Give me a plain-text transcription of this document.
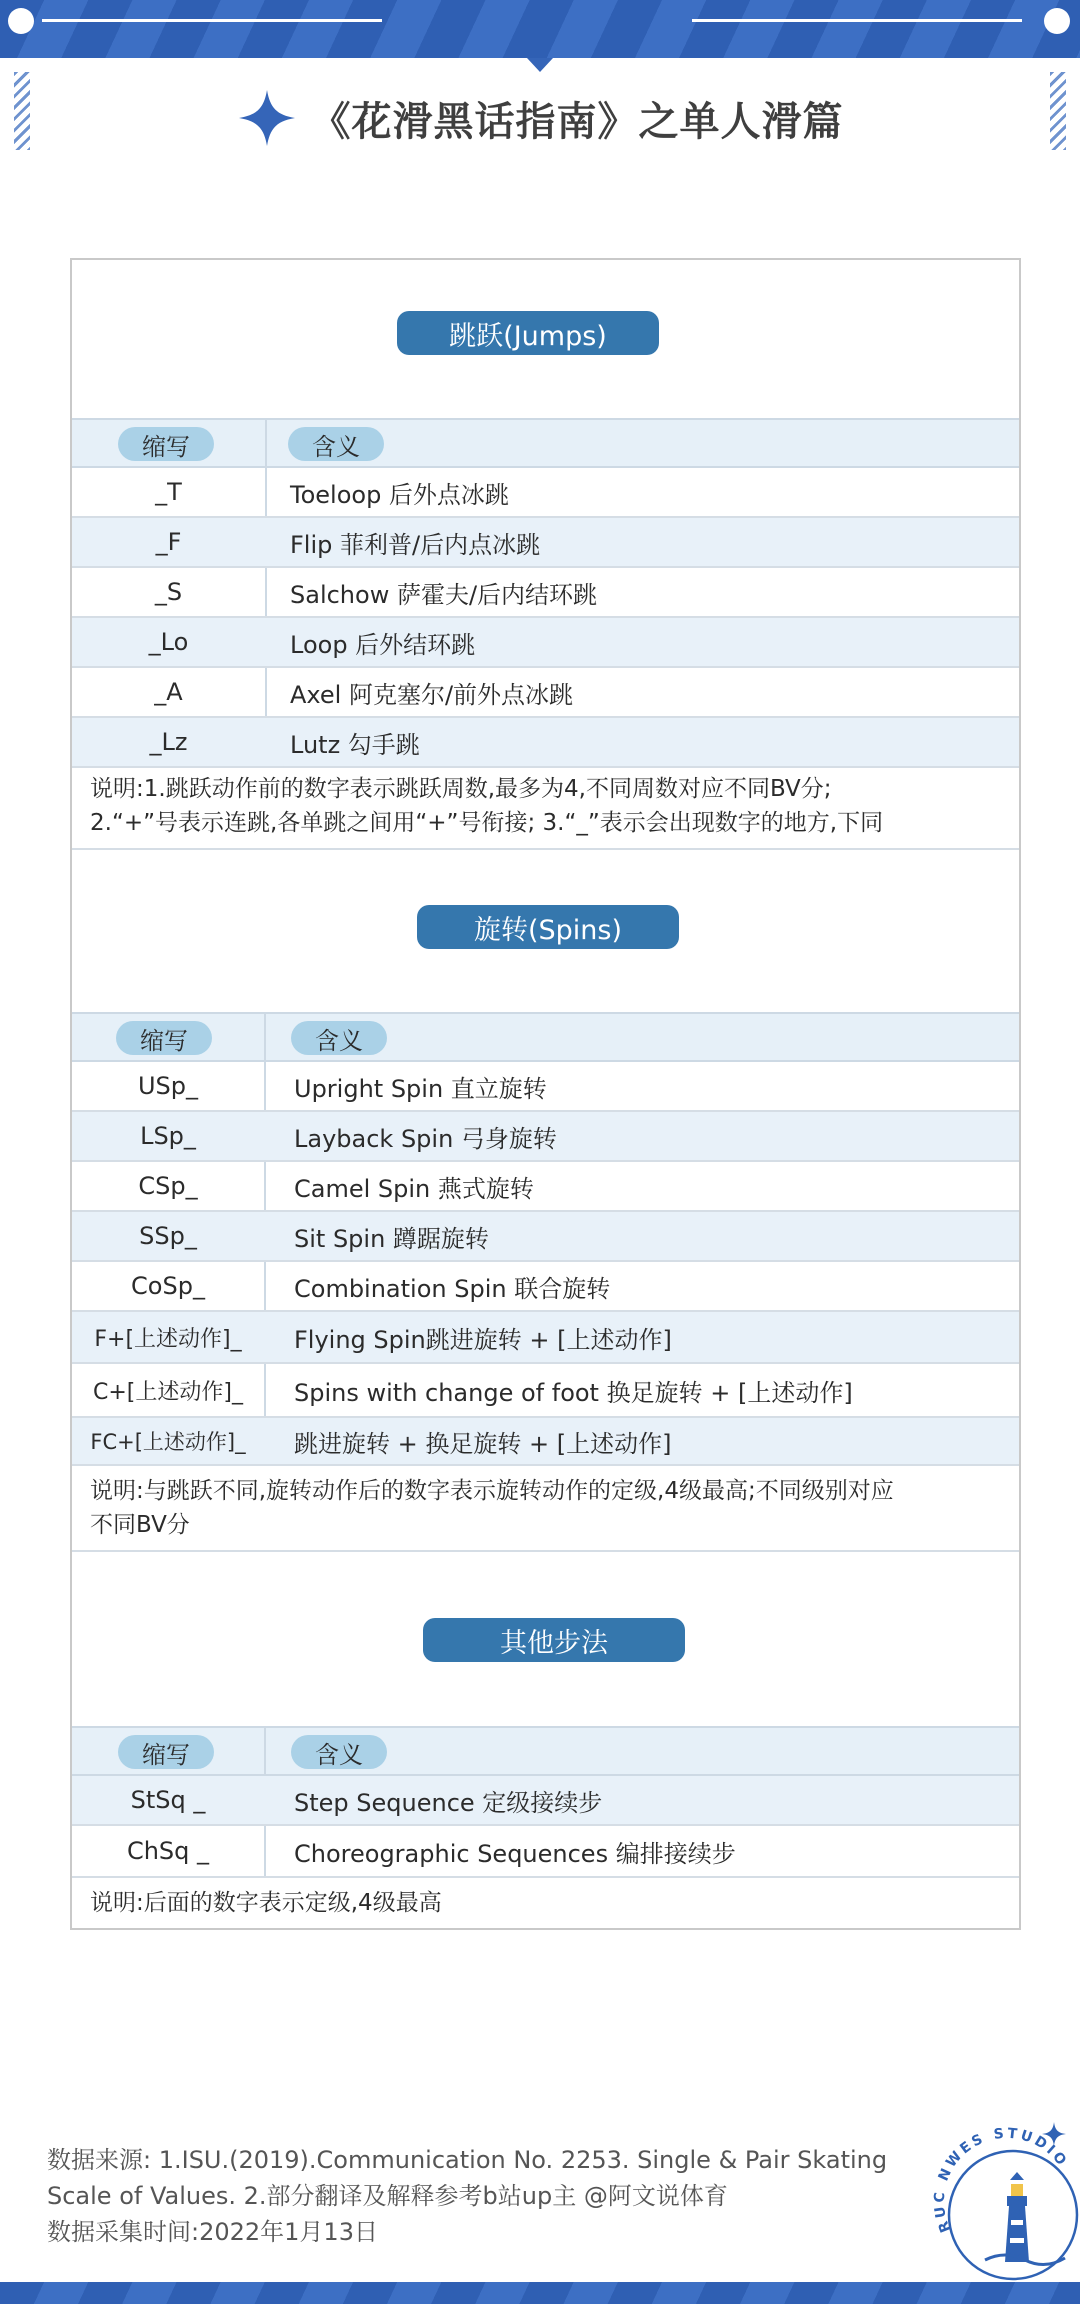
《花滑黑话指南》之单人滑篇
跳跃(Jumps)
缩写	含义
_T	Toeloop 后外点冰跳
_F	Flip 菲利普/后内点冰跳
_S	Salchow 萨霍夫/后内结环跳
_Lo	Loop 后外结环跳
_A	Axel 阿克塞尔/前外点冰跳
_Lz	Lutz 勾手跳
说明:1.跳跃动作前的数字表示跳跃周数,最多为4,不同周数对应不同BV分;
2.“+”号表示连跳,各单跳之间用“+”号衔接; 3.“_”表示会出现数字的地方,下同
旋转(Spins)
缩写	含义
USp_	Upright Spin 直立旋转
LSp_	Layback Spin 弓身旋转
CSp_	Camel Spin 燕式旋转
SSp_	Sit Spin 蹲踞旋转
CoSp_	Combination Spin 联合旋转
F+[上述动作]_	Flying Spin跳进旋转 + [上述动作]
C+[上述动作]_	Spins with change of foot 换足旋转 + [上述动作]
FC+[上述动作]_	跳进旋转 + 换足旋转 + [上述动作]
说明:与跳跃不同,旋转动作后的数字表示旋转动作的定级,4级最高;不同级别对应
不同BV分
其他步法
缩写	含义
StSq _	Step Sequence 定级接续步
ChSq _	Choreographic Sequences 编排接续步
说明:后面的数字表示定级,4级最高
数据来源: 1.ISU.(2019).Communication No. 2253. Single & Pair Skating
Scale of Values. 2.部分翻译及解释参考b站up主 @阿文说体育
数据采集时间:2022年1月13日	RUC NWES STUDIO
